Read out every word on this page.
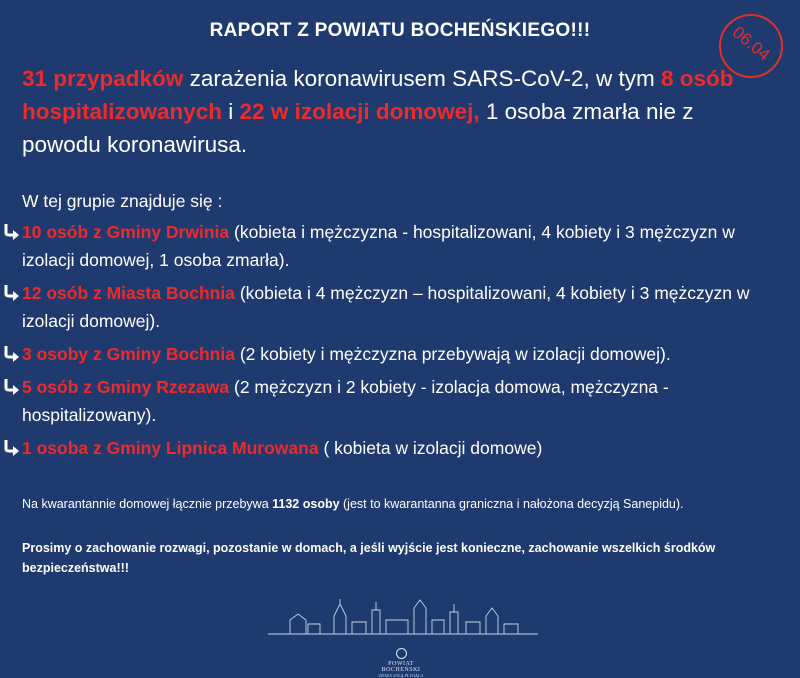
RAPORT Z POWIATU BOCHEŃSKIEGO!!!	06.04
31 przypadków zarażenia koronawirusem SARS-CoV-2, w tym 8 osób hospitalizowanych i 22 w izolacji domowej, 1 osoba zmarła nie z powodu koronawirusa.
W tej grupie znajduje się :
10 osób z Gminy Drwinia (kobieta i mężczyzna - hospitalizowani, 4 kobiety i 3 mężczyzn w izolacji domowej, 1 osoba zmarła).
12 osób z Miasta Bochnia (kobieta i 4 mężczyzn – hospitalizowani, 4 kobiety i 3 mężczyzn w izolacji domowej).
3 osoby z Gminy Bochnia (2 kobiety i mężczyzna przebywają w izolacji domowej).
5 osób z Gminy Rzezawa (2 mężczyzn i 2 kobiety - izolacja domowa, mężczyzna - hospitalizowany).
1 osoba z Gminy Lipnica Murowana ( kobieta w izolacji domowe)
Na kwarantannie domowej łącznie przebywa 1132 osoby (jest to kwarantanna graniczna i nałożona decyzją Sanepidu).
Prosimy o zachowanie rozwagi, pozostanie w domach, a jeśli wyjście jest konieczne, zachowanie wszelkich środków bezpieczeństwa!!!
POWIAT BOCHEŃSKI
ZIEMIA SOLĄ PŁYNĄCA
